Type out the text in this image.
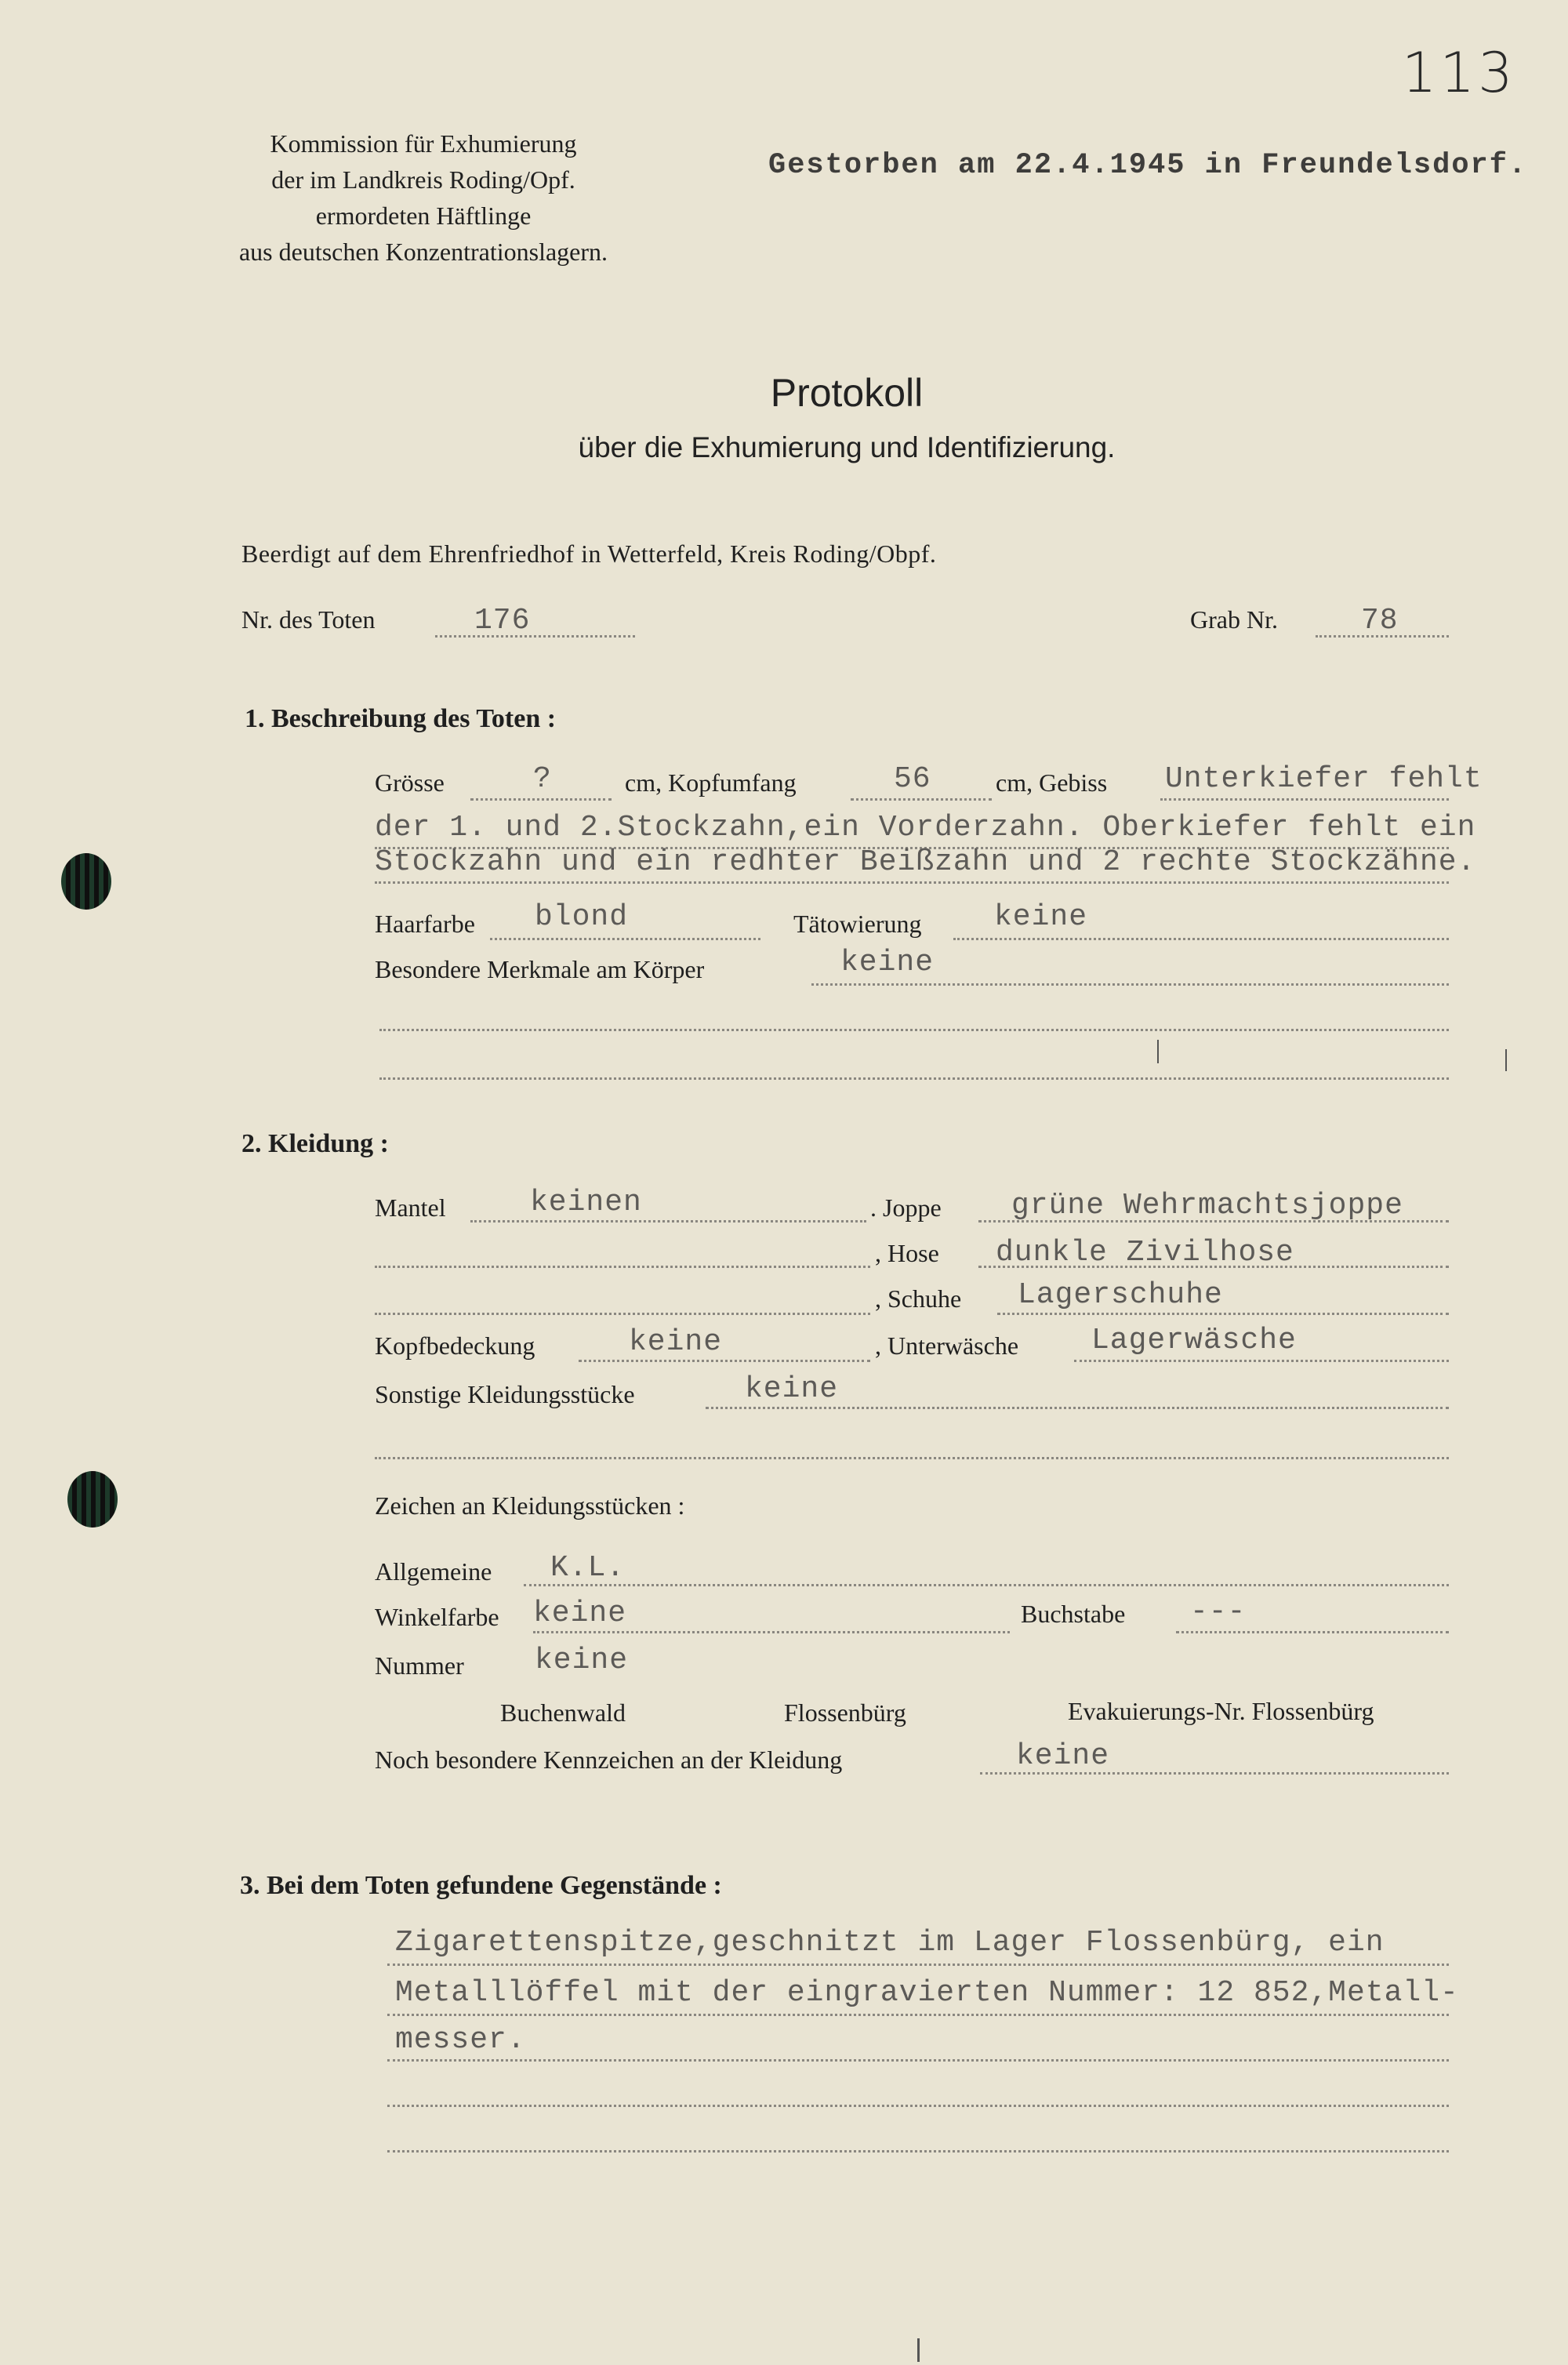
113
Kommission für Exhumierung
der im Landkreis Roding/Opf.
ermordeten Häftlinge
aus deutschen Konzentrationslagern.
Gestorben am 22.4.1945 in Freundelsdorf.
Protokoll
über die Exhumierung und Identifizierung.
Beerdigt auf dem Ehrenfriedhof in Wetterfeld, Kreis Roding/Obpf.
Nr. des Toten	176	Grab Nr.	78
1. Beschreibung des Toten :
Grösse	?	cm, Kopfumfang	56	cm, Gebiss Unterkiefer fehlt
der 1. und 2.Stockzahn,ein Vorderzahn. Oberkiefer fehlt ein
Stockzahn und ein redhter Beißzahn und 2 rechte Stockzähne.
Haarfarbe blond	Tätowierung keine
Besondere Merkmale am Körper	keine
2. Kleidung :
Mantel	keinen	. Joppe grüne Wehrmachtsjoppe
, Hose dunkle Zivilhose
, Schuhe Lagerschuhe
Kopfbedeckung	keine	, Unterwäsche Lagerwäsche
Sonstige Kleidungsstücke	keine
Zeichen an Kleidungsstücken :
Allgemeine K.L.
Winkelfarbe keine	Buchstabe ---
Nummer keine
Buchenwald	Flossenbürg	Evakuierungs-Nr. Flossenbürg
Noch besondere Kennzeichen an der Kleidung	keine
3. Bei dem Toten gefundene Gegenstände :
Zigarettenspitze,geschnitzt im Lager Flossenbürg, ein
Metalllöffel mit der eingravierten Nummer: 12 852,Metall-
messer.
